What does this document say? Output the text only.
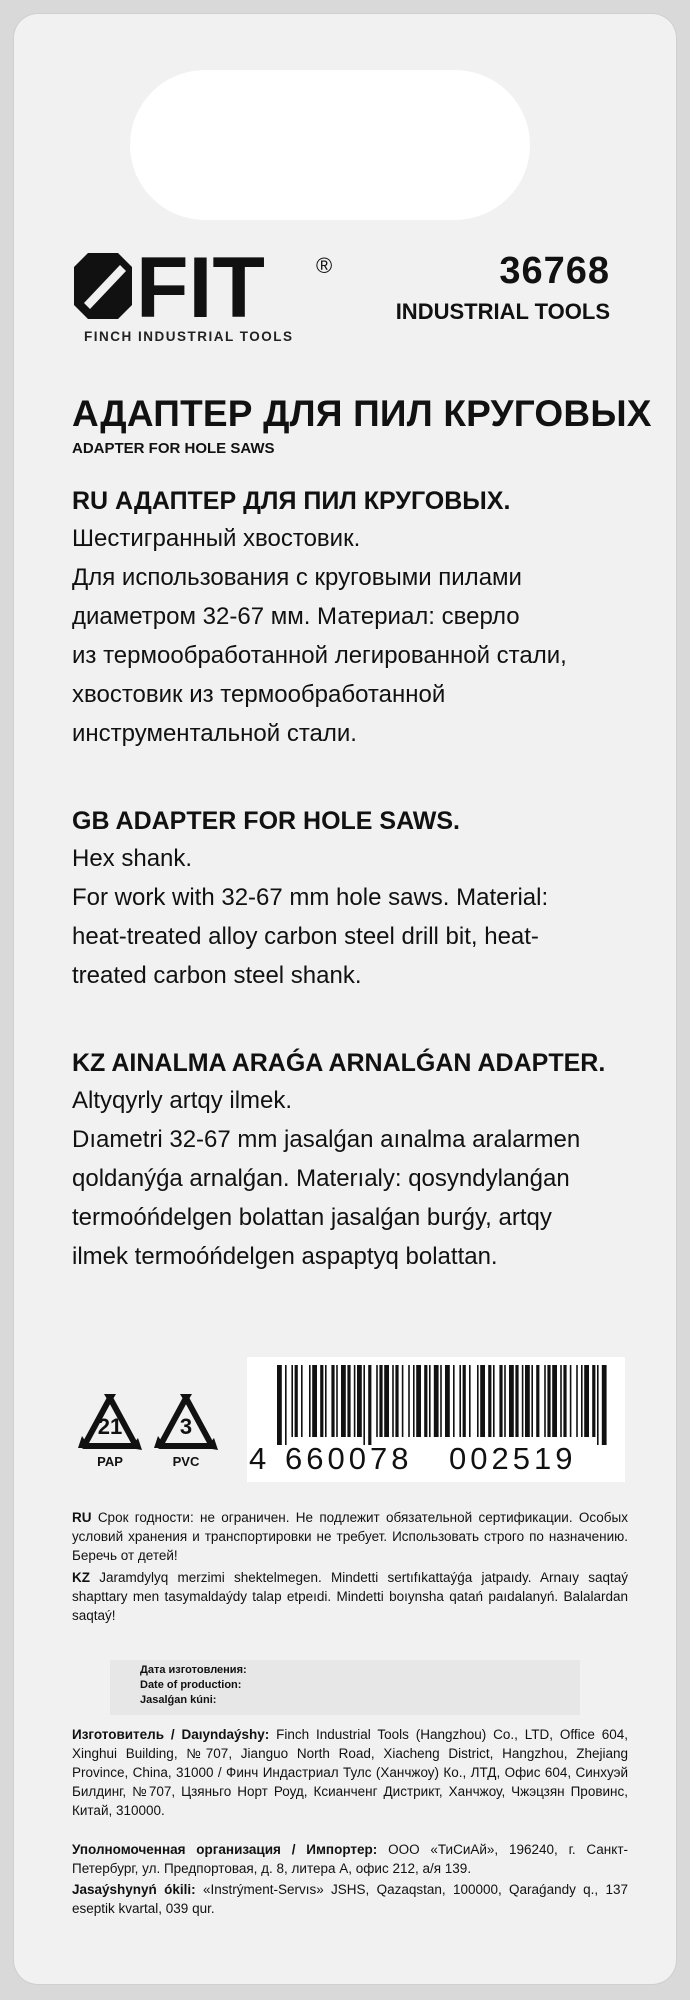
FIT ®
FINCH INDUSTRIAL TOOLS
36768
INDUSTRIAL TOOLS
АДАПТЕР ДЛЯ ПИЛ КРУГОВЫХ
ADAPTER FOR HOLE SAWS
RU АДАПТЕР ДЛЯ ПИЛ КРУГОВЫХ.
Шестигранный хвостовик.
Для использования с круговыми пилами
диаметром 32-67 мм. Материал: сверло
из термообработанной легированной стали,
хвостовик из термообработанной
инструментальной стали.
GB ADAPTER FOR HOLE SAWS.
Hex shank.
For work with 32-67 mm hole saws. Material:
heat-treated alloy carbon steel drill bit, heat-
treated carbon steel shank.
KZ AINALMA ARAǴA ARNALǴAN ADAPTER.
Altyqyrly artqy ilmek.
Dıametri 32-67 mm jasalǵan aınalma aralarmen
qoldanýǵa arnalǵan. Materıaly: qosyndylanǵan
termoóńdelgen bolattan jasalǵan burǵy, artqy
ilmek termoóńdelgen aspaptyq bolattan.
21
PAP
3
PVC	4 660078 002519
RU Срок годности: не ограничен. Не подлежит обязательной сертификации. Особых условий хранения и транспортировки не требует. Использовать строго по назначению. Беречь от детей!
KZ Jaramdylyq merzimi shektelmegen. Mindetti sertıfıkattaýǵa jatpaıdy. Arnaıy saqtaý shарttary men tasymaldaýdy talap etpeıdi. Mindetti boıynsha qatań paıdalanyń. Balalardan saqtaý!
Дата изготовления:
Date of production:
Jasalǵan kúni:
Изготовитель / Daıyndaýshy: Finch Industrial Tools (Hangzhou) Co., LTD, Office 604, Xinghui Building, №707, Jianguo North Road, Xiacheng District, Hangzhou, Zhejiang Province, China, 31000 / Финч Индастриал Тулс (Ханчжоу) Ко., ЛТД, Офис 604, Синхуэй Билдинг, №707, Цзяньго Норт Роуд, Ксианченг Дистрикт, Ханчжоу, Чжэцзян Провинс, Китай, 310000.
Уполномоченная организация / Импортер: ООО «ТиСиАй», 196240, г. Санкт-Петербург, ул. Предпортовая, д. 8, литера А, офис 212, а/я 139.
Jasaýshynyń ókili: «Instrýment-Servıs» JSHS, Qazaqstan, 100000, Qaraǵandy q., 137 eseptik kvartal, 039 qur.
